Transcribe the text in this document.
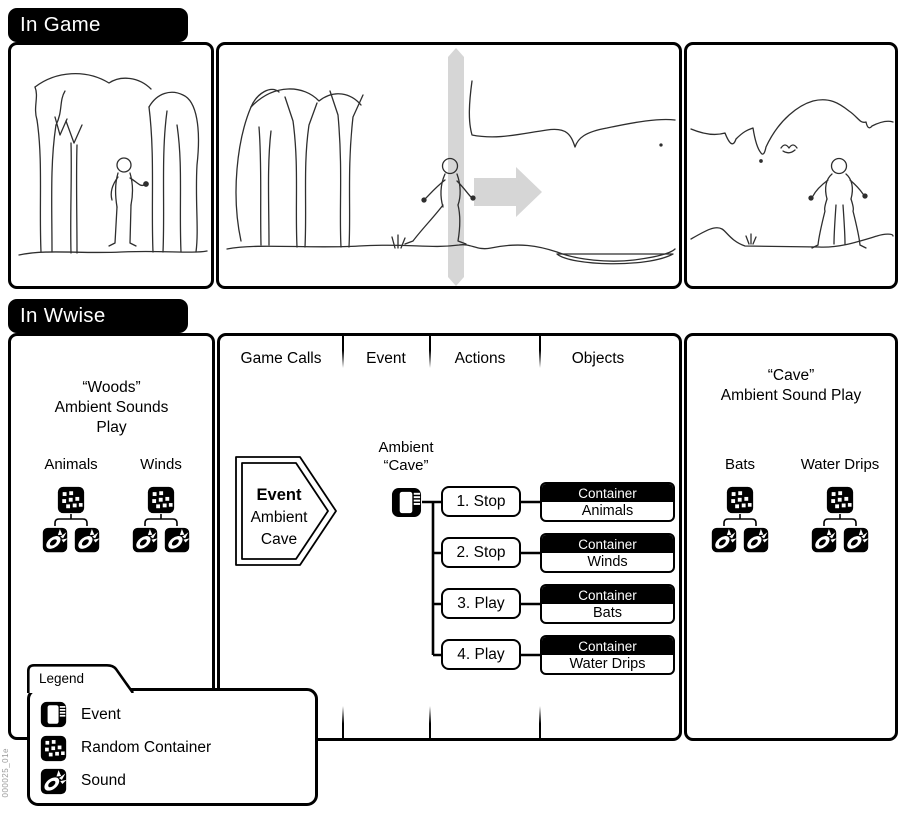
In Game
In Wwise
“Woods”
Ambient Sounds
Play
Animals	Winds
Game Calls	Event	Actions	Objects
Event
Ambient
Cave
Ambient
“Cave”
1. Stop
2. Stop
3. Play
4. Play
Container
Animals
Container
Winds
Container
Bats
Container
Water Drips
“Cave”
Ambient Sound Play
Bats	Water Drips
Legend
Event
Random Container
Sound
000025_01e
